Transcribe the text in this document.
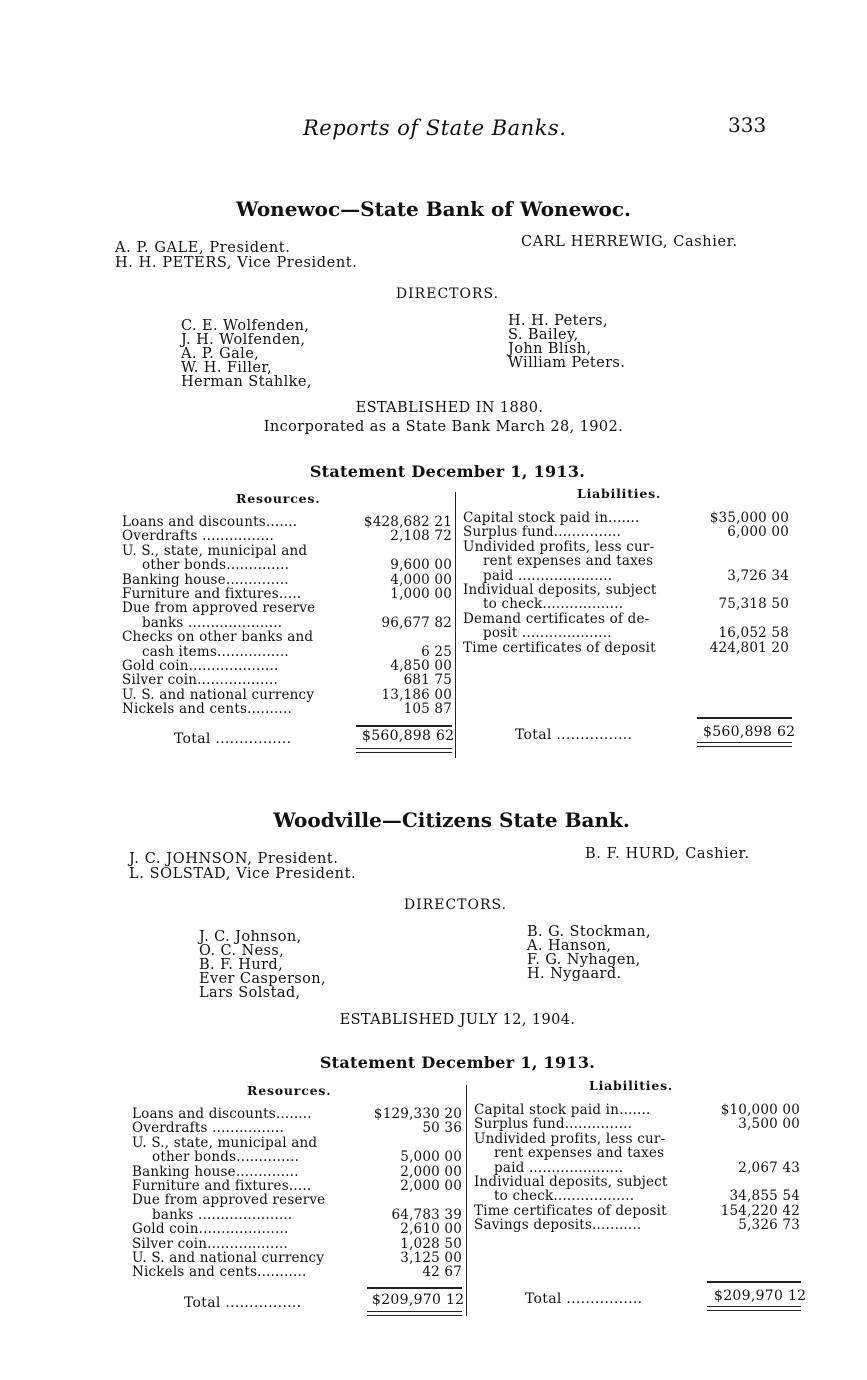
Reports of State Banks.	333
Wonewoc—State Bank of Wonewoc.
A. P. GALE, President.
H. H. PETERS, Vice President.
CARL HERREWIG, Cashier.
DIRECTORS.
C. E. Wolfenden,
J. H. Wolfenden,
A. P. Gale,
W. H. Filler,
Herman Stahlke,
H. H. Peters,
S. Bailey,
John Blish,
William Peters.
ESTABLISHED IN 1880.
Incorporated as a State Bank March 28, 1902.
Statement December 1, 1913.
Resources.	Liabilities.
Loans and discounts.......	$428,682 21
Overdrafts ................	2,108 72
U. S., state, municipal and
other bonds..............	9,600 00
Banking house..............	4,000 00
Furniture and fixtures.....	1,000 00
Due from approved reserve
banks .....................	96,677 82
Checks on other banks and
cash items................	6 25
Gold coin....................	4,850 00
Silver coin..................	681 75
U. S. and national currency	13,186 00
Nickels and cents..........	105 87
Capital stock paid in.......	$35,000 00
Surplus fund...............	6,000 00
Undivided profits, less cur-
rent expenses and taxes
paid .....................	3,726 34
Individual deposits, subject
to check..................	75,318 50
Demand certificates of de-
posit ....................	16,052 58
Time certificates of deposit	424,801 20
Total ................	$560,898 62	Total ................	$560,898 62
Woodville—Citizens State Bank.
J. C. JOHNSON, President.
L. SOLSTAD, Vice President.
B. F. HURD, Cashier.
DIRECTORS.
J. C. Johnson,
O. C. Ness,
B. F. Hurd,
Ever Casperson,
Lars Solstad,
B. G. Stockman,
A. Hanson,
F. G. Nyhagen,
H. Nygaard.
ESTABLISHED JULY 12, 1904.
Statement December 1, 1913.
Resources.	Liabilities.
Loans and discounts........	$129,330 20
Overdrafts ................	50 36
U. S., state, municipal and
other bonds..............	5,000 00
Banking house..............	2,000 00
Furniture and fixtures.....	2,000 00
Due from approved reserve
banks .....................	64,783 39
Gold coin....................	2,610 00
Silver coin..................	1,028 50
U. S. and national currency	3,125 00
Nickels and cents...........	42 67
Capital stock paid in.......	$10,000 00
Surplus fund...............	3,500 00
Undivided profits, less cur-
rent expenses and taxes
paid .....................	2,067 43
Individual deposits, subject
to check..................	34,855 54
Time certificates of deposit	154,220 42
Savings deposits...........	5,326 73
Total ................	$209,970 12	Total ................	$209,970 12
